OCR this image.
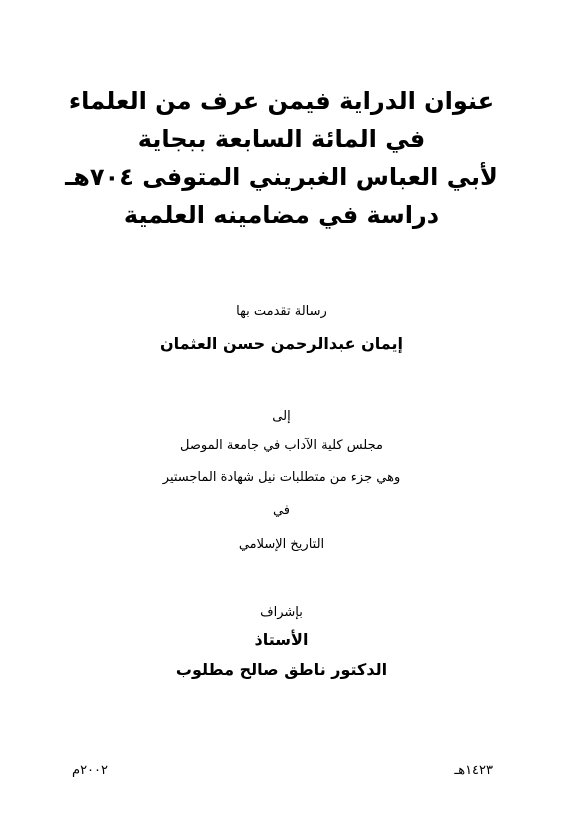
عنوان الدراية فيمن عرف من العلماء
في المائة السابعة ببجاية
لأبي العباس الغبريني المتوفى ٧٠٤هـ
دراسة في مضامينه العلمية
رسالة تقدمت بها
إيمان عبدالرحمن حسن العثمان
إلى
مجلس كلية الآداب في جامعة الموصل
وهي جزء من متطلبات نيل شهادة الماجستير
في
التاريخ الإسلامي
بإشراف
الأستاذ
الدكتور ناطق صالح مطلوب
١٤٢٣هـ
٢٠٠٢م
